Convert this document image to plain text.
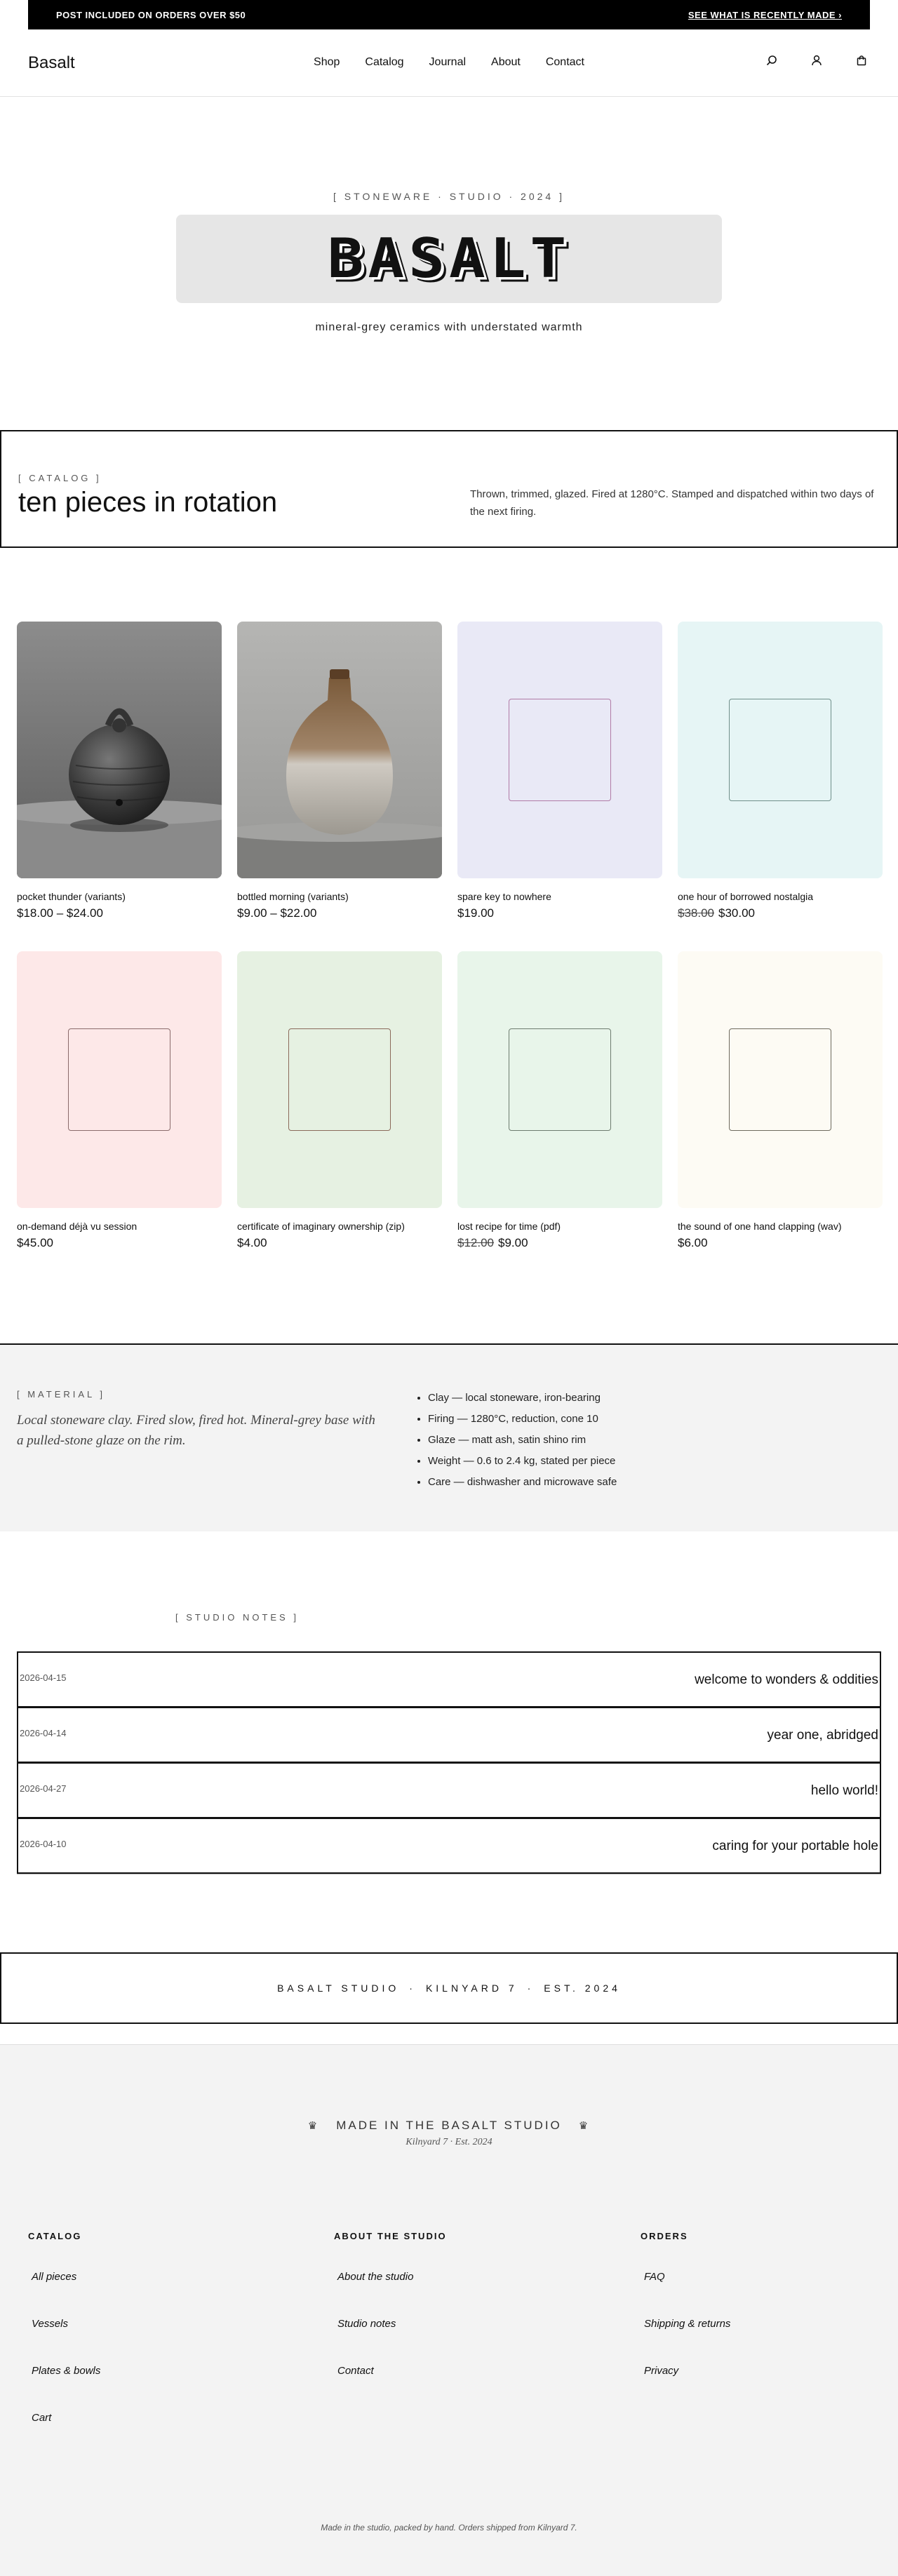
POST INCLUDED ON ORDERS OVER $50	SEE WHAT IS RECENTLY MADE ›
Basalt	Shop Catalog Journal About Contact
[ STONEWARE · STUDIO · 2024 ]
BASALT
mineral-grey ceramics with understated warmth
[ CATALOG ]
ten pieces in rotation	Thrown, trimmed, glazed. Fired at 1280°C. Stamped and dispatched within two days of the next firing.
pocket thunder (variants)
$18.00 – $24.00
bottled morning (variants)
$9.00 – $22.00
spare key to nowhere
$19.00
one hour of borrowed nostalgia
$38.00 $30.00
on-demand déjà vu session
$45.00
certificate of imaginary ownership (zip)
$4.00
lost recipe for time (pdf)
$12.00 $9.00
the sound of one hand clapping (wav)
$6.00
[ MATERIAL ]
Local stoneware clay. Fired slow, fired hot. Mineral-grey base with a pulled-stone glaze on the rim.
• Clay — local stoneware, iron-bearing
• Firing — 1280°C, reduction, cone 10
• Glaze — matt ash, satin shino rim
• Weight — 0.6 to 2.4 kg, stated per piece
• Care — dishwasher and microwave safe
[ STUDIO NOTES ]
2026-04-15	welcome to wonders & oddities
2026-04-14	year one, abridged
2026-04-27	hello world!
2026-04-10	caring for your portable hole
BASALT STUDIO · KILNYARD 7 · EST. 2024
♛ MADE IN THE BASALT STUDIO ♛
Kilnyard 7 · Est. 2024
CATALOG
All pieces
Vessels
Plates & bowls
Cart
ABOUT THE STUDIO
About the studio
Studio notes
Contact
ORDERS
FAQ
Shipping & returns
Privacy
Made in the studio, packed by hand. Orders shipped from Kilnyard 7.
